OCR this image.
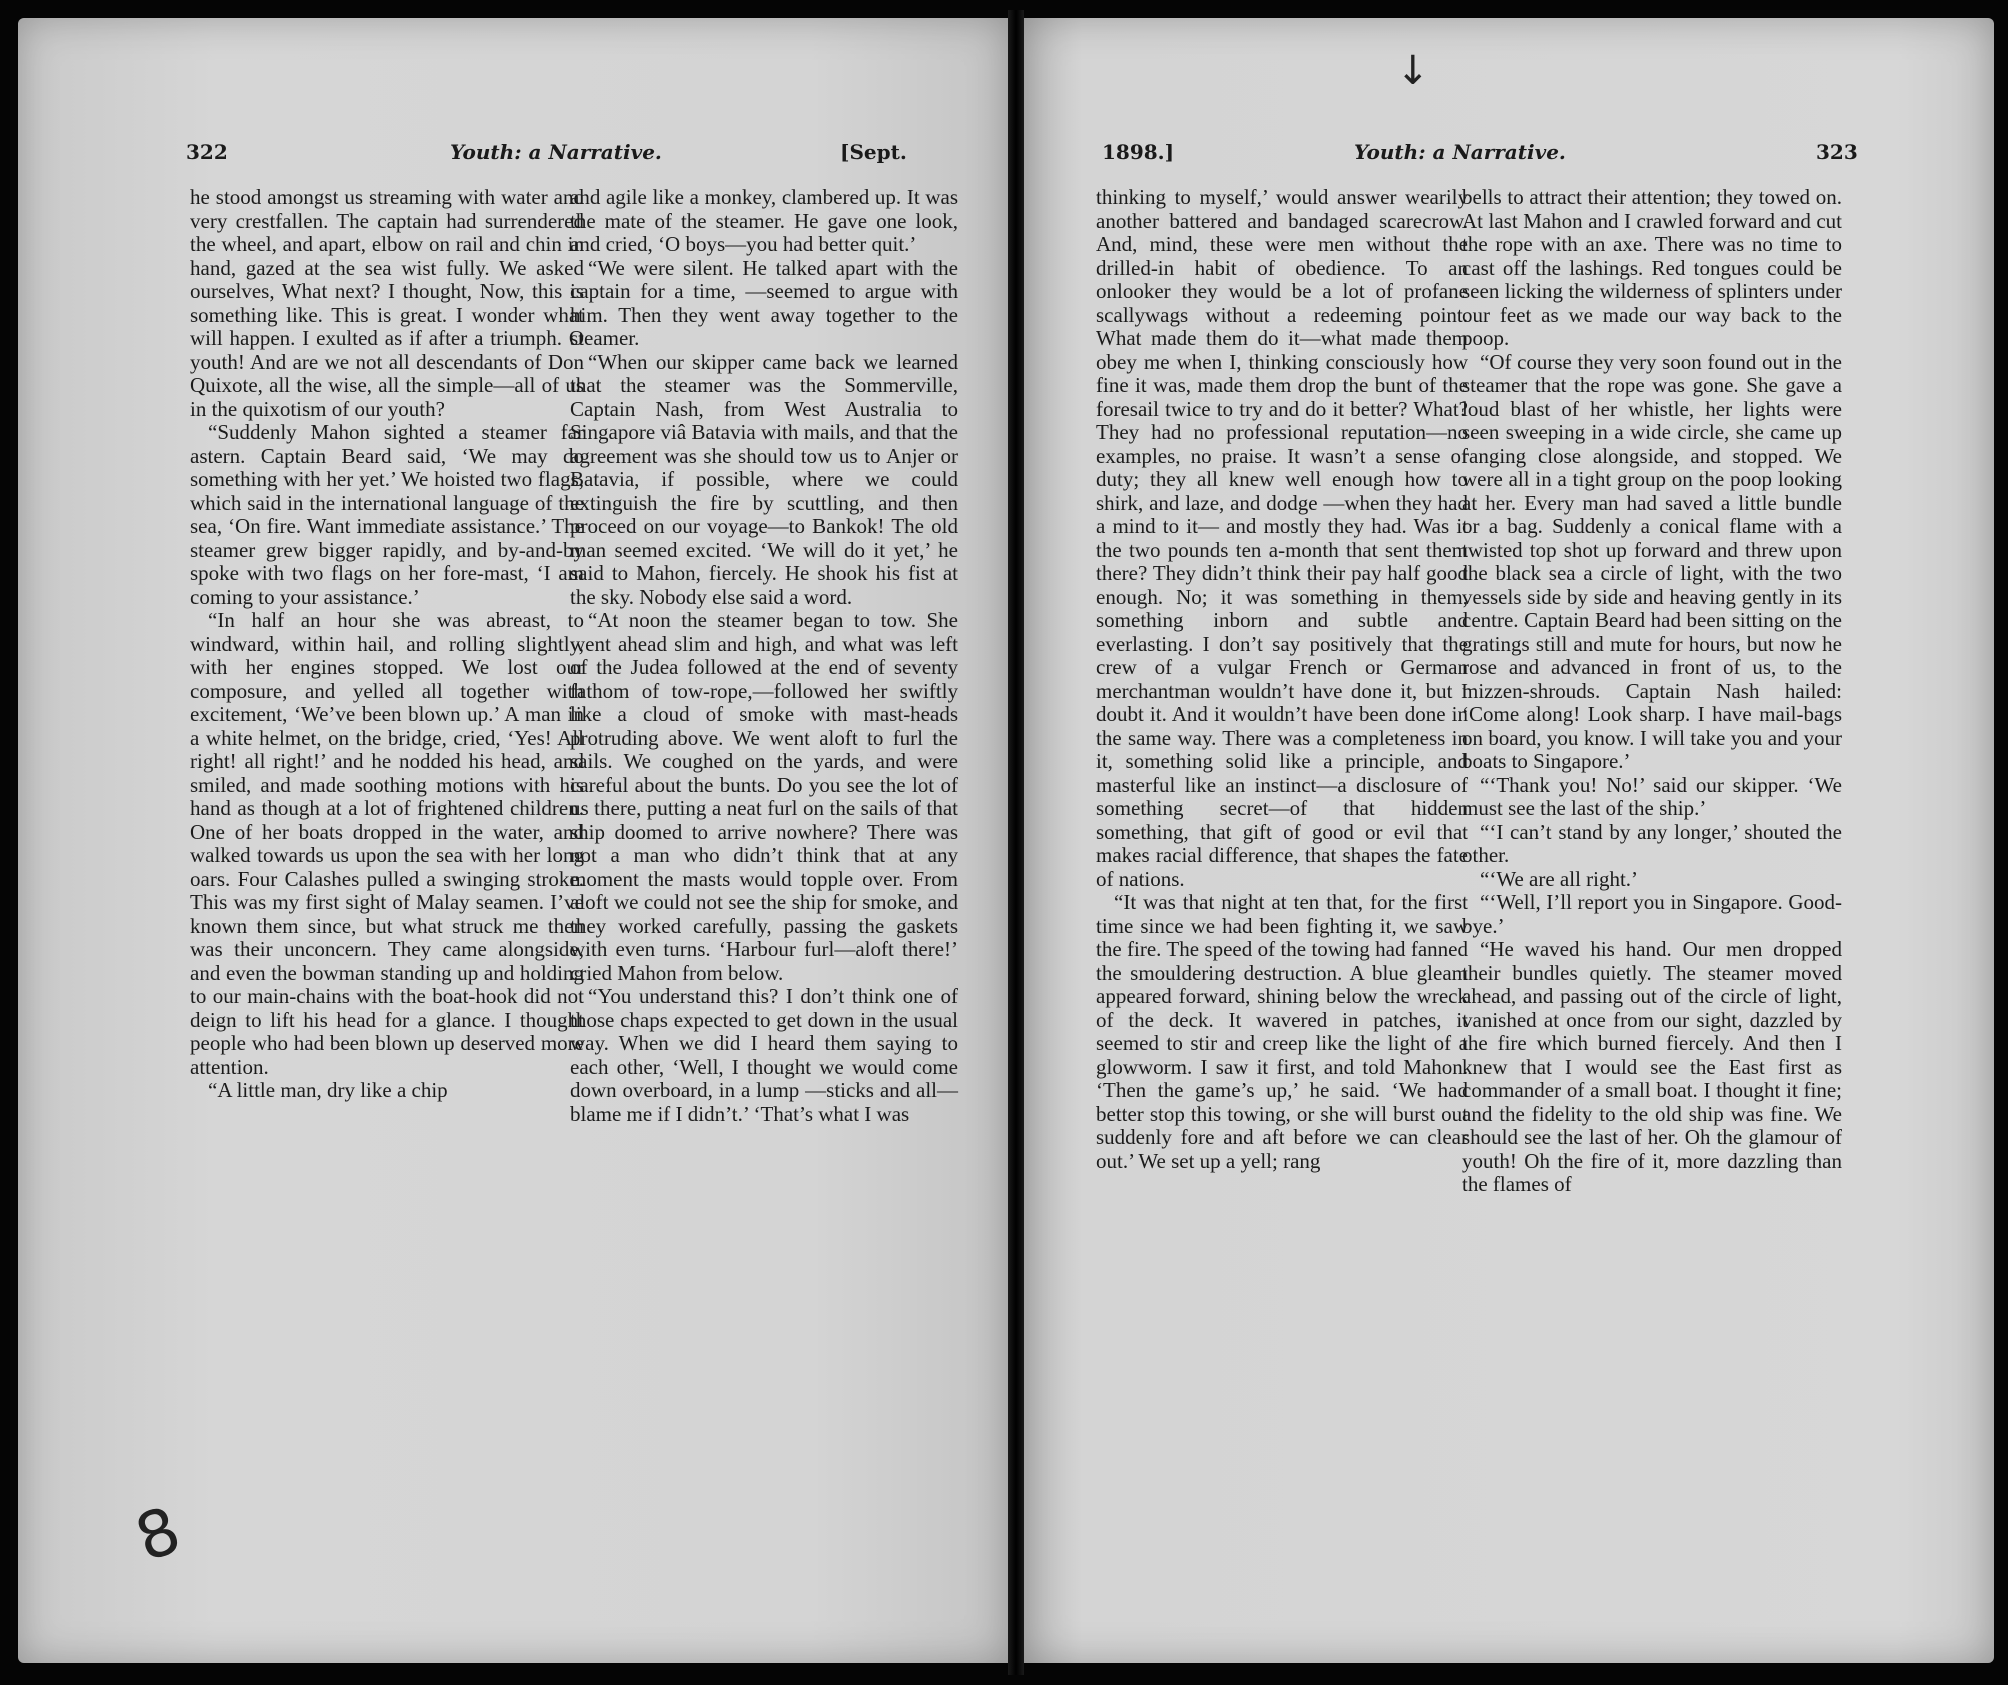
322	Youth: a Narrative.	[Sept.

he stood amongst us streaming with water and very crestfallen. The captain had surrendered the wheel, and apart, elbow on rail and chin in hand, gazed at the sea wist fully. We asked ourselves, What next? I thought, Now, this is something like. This is great. I wonder what will happen. I exulted as if after a triumph. O youth! And are we not all descendants of Don Quixote, all the wise, all the simple—all of us in the quixotism of our youth?

“Suddenly Mahon sighted a steamer far astern. Captain Beard said, ‘We may do something with her yet.’ We hoisted two flags, which said in the international language of the sea, ‘On fire. Want immediate assistance.’ The steamer grew bigger rapidly, and by-and-by spoke with two flags on her fore-mast, ‘I am coming to your assistance.’

“In half an hour she was abreast, to windward, within hail, and rolling slightly, with her engines stopped. We lost our composure, and yelled all together with excitement, ‘We’ve been blown up.’ A man in a white helmet, on the bridge, cried, ‘Yes! All right! all right!’ and he nodded his head, and smiled, and made soothing motions with his hand as though at a lot of frightened children. One of her boats dropped in the water, and walked towards us upon the sea with her long oars. Four Calashes pulled a swinging stroke. This was my first sight of Malay seamen. I’ve known them since, but what struck me then was their unconcern. They came alongside, and even the bowman standing up and holding to our main-chains with the boat-hook did not deign to lift his head for a glance. I thought people who had been blown up deserved more attention.

“A little man, dry like a chip

and agile like a monkey, clambered up. It was the mate of the steamer. He gave one look, and cried, ‘O boys—you had better quit.’

“We were silent. He talked apart with the captain for a time, —seemed to argue with him. Then they went away together to the steamer.

“When our skipper came back we learned that the steamer was the Sommerville, Captain Nash, from West Australia to Singapore viâ Batavia with mails, and that the agreement was she should tow us to Anjer or Batavia, if possible, where we could extinguish the fire by scuttling, and then proceed on our voyage—to Bankok! The old man seemed excited. ‘We will do it yet,’ he said to Mahon, fiercely. He shook his fist at the sky. Nobody else said a word.

“At noon the steamer began to tow. She went ahead slim and high, and what was left of the Judea followed at the end of seventy fathom of tow-rope,—followed her swiftly like a cloud of smoke with mast-heads protruding above. We went aloft to furl the sails. We coughed on the yards, and were careful about the bunts. Do you see the lot of us there, putting a neat furl on the sails of that ship doomed to arrive nowhere? There was not a man who didn’t think that at any moment the masts would topple over. From aloft we could not see the ship for smoke, and they worked carefully, passing the gaskets with even turns. ‘Harbour furl—aloft there!’ cried Mahon from below.

“You understand this? I don’t think one of those chaps expected to get down in the usual way. When we did I heard them saying to each other, ‘Well, I thought we would come down overboard, in a lump —sticks and all—blame me if I didn’t.’ ‘That’s what I was

8
1898.]	Youth: a Narrative.	323

thinking to myself,’ would answer wearily another battered and bandaged scarecrow. And, mind, these were men without the drilled-in habit of obedience. To an onlooker they would be a lot of profane scallywags without a redeeming point. What made them do it—what made them obey me when I, thinking consciously how fine it was, made them drop the bunt of the foresail twice to try and do it better? What? They had no professional reputation—no examples, no praise. It wasn’t a sense of duty; they all knew well enough how to shirk, and laze, and dodge —when they had a mind to it— and mostly they had. Was it the two pounds ten a-month that sent them there? They didn’t think their pay half good enough. No; it was something in them, something inborn and subtle and everlasting. I don’t say positively that the crew of a vulgar French or German merchantman wouldn’t have done it, but I doubt it. And it wouldn’t have been done in the same way. There was a completeness in it, something solid like a principle, and masterful like an instinct—a disclosure of something secret—of that hidden something, that gift of good or evil that makes racial difference, that shapes the fate of nations.

“It was that night at ten that, for the first time since we had been fighting it, we saw the fire. The speed of the towing had fanned the smouldering destruction. A blue gleam appeared forward, shining below the wreck of the deck. It wavered in patches, it seemed to stir and creep like the light of a glowworm. I saw it first, and told Mahon. ‘Then the game’s up,’ he said. ‘We had better stop this towing, or she will burst out suddenly fore and aft before we can clear out.’ We set up a yell; rang

bells to attract their attention; they towed on. At last Mahon and I crawled forward and cut the rope with an axe. There was no time to cast off the lashings. Red tongues could be seen licking the wilderness of splinters under our feet as we made our way back to the poop.

“Of course they very soon found out in the steamer that the rope was gone. She gave a loud blast of her whistle, her lights were seen sweeping in a wide circle, she came up ranging close alongside, and stopped. We were all in a tight group on the poop looking at her. Every man had saved a little bundle or a bag. Suddenly a conical flame with a twisted top shot up forward and threw upon the black sea a circle of light, with the two vessels side by side and heaving gently in its centre. Captain Beard had been sitting on the gratings still and mute for hours, but now he rose and advanced in front of us, to the mizzen-shrouds. Captain Nash hailed: ‘Come along! Look sharp. I have mail-bags on board, you know. I will take you and your boats to Singapore.’

“‘Thank you! No!’ said our skipper. ‘We must see the last of the ship.’

“‘I can’t stand by any longer,’ shouted the other.

“‘We are all right.’

“‘Well, I’ll report you in Singapore. Good-bye.’

“He waved his hand. Our men dropped their bundles quietly. The steamer moved ahead, and passing out of the circle of light, vanished at once from our sight, dazzled by the fire which burned fiercely. And then I knew that I would see the East first as commander of a small boat. I thought it fine; and the fidelity to the old ship was fine. We should see the last of her. Oh the glamour of youth! Oh the fire of it, more dazzling than the flames of

↓
